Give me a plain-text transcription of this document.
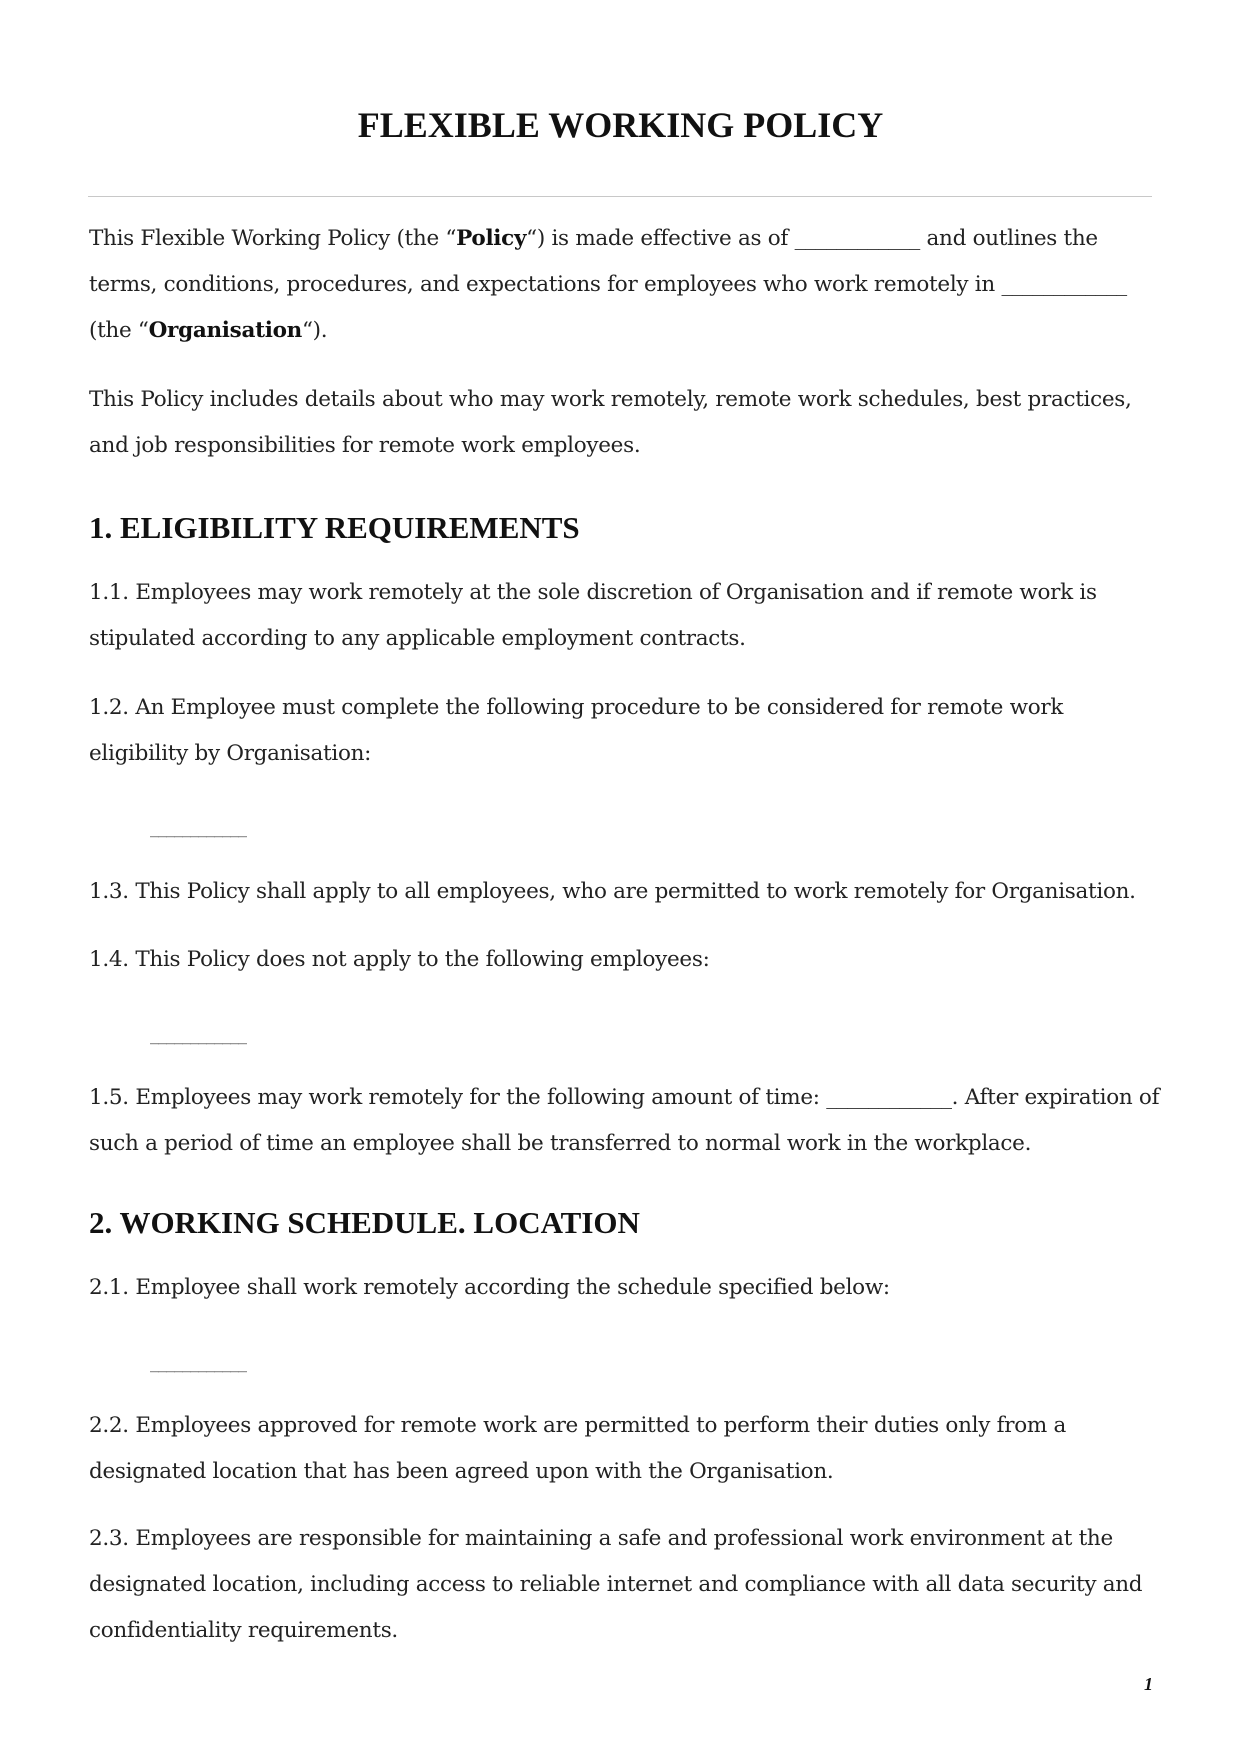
FLEXIBLE WORKING POLICY

This Flexible Working Policy (the “Policy“) is made effective as of ____________ and outlines the
terms, conditions, procedures, and expectations for employees who work remotely in ____________
(the “Organisation“).

This Policy includes details about who may work remotely, remote work schedules, best practices,
and job responsibilities for remote work employees.

1. ELIGIBILITY REQUIREMENTS

1.1. Employees may work remotely at the sole discretion of Organisation and if remote work is
stipulated according to any applicable employment contracts.

1.2. An Employee must complete the following procedure to be considered for remote work
eligibility by Organisation:

____________

1.3. This Policy shall apply to all employees, who are permitted to work remotely for Organisation.

1.4. This Policy does not apply to the following employees:

____________

1.5. Employees may work remotely for the following amount of time: ____________. After expiration of
such a period of time an employee shall be transferred to normal work in the workplace.

2. WORKING SCHEDULE. LOCATION

2.1. Employee shall work remotely according the schedule specified below:

____________

2.2. Employees approved for remote work are permitted to perform their duties only from a
designated location that has been agreed upon with the Organisation.

2.3. Employees are responsible for maintaining a safe and professional work environment at the
designated location, including access to reliable internet and compliance with all data security and
confidentiality requirements.

1
